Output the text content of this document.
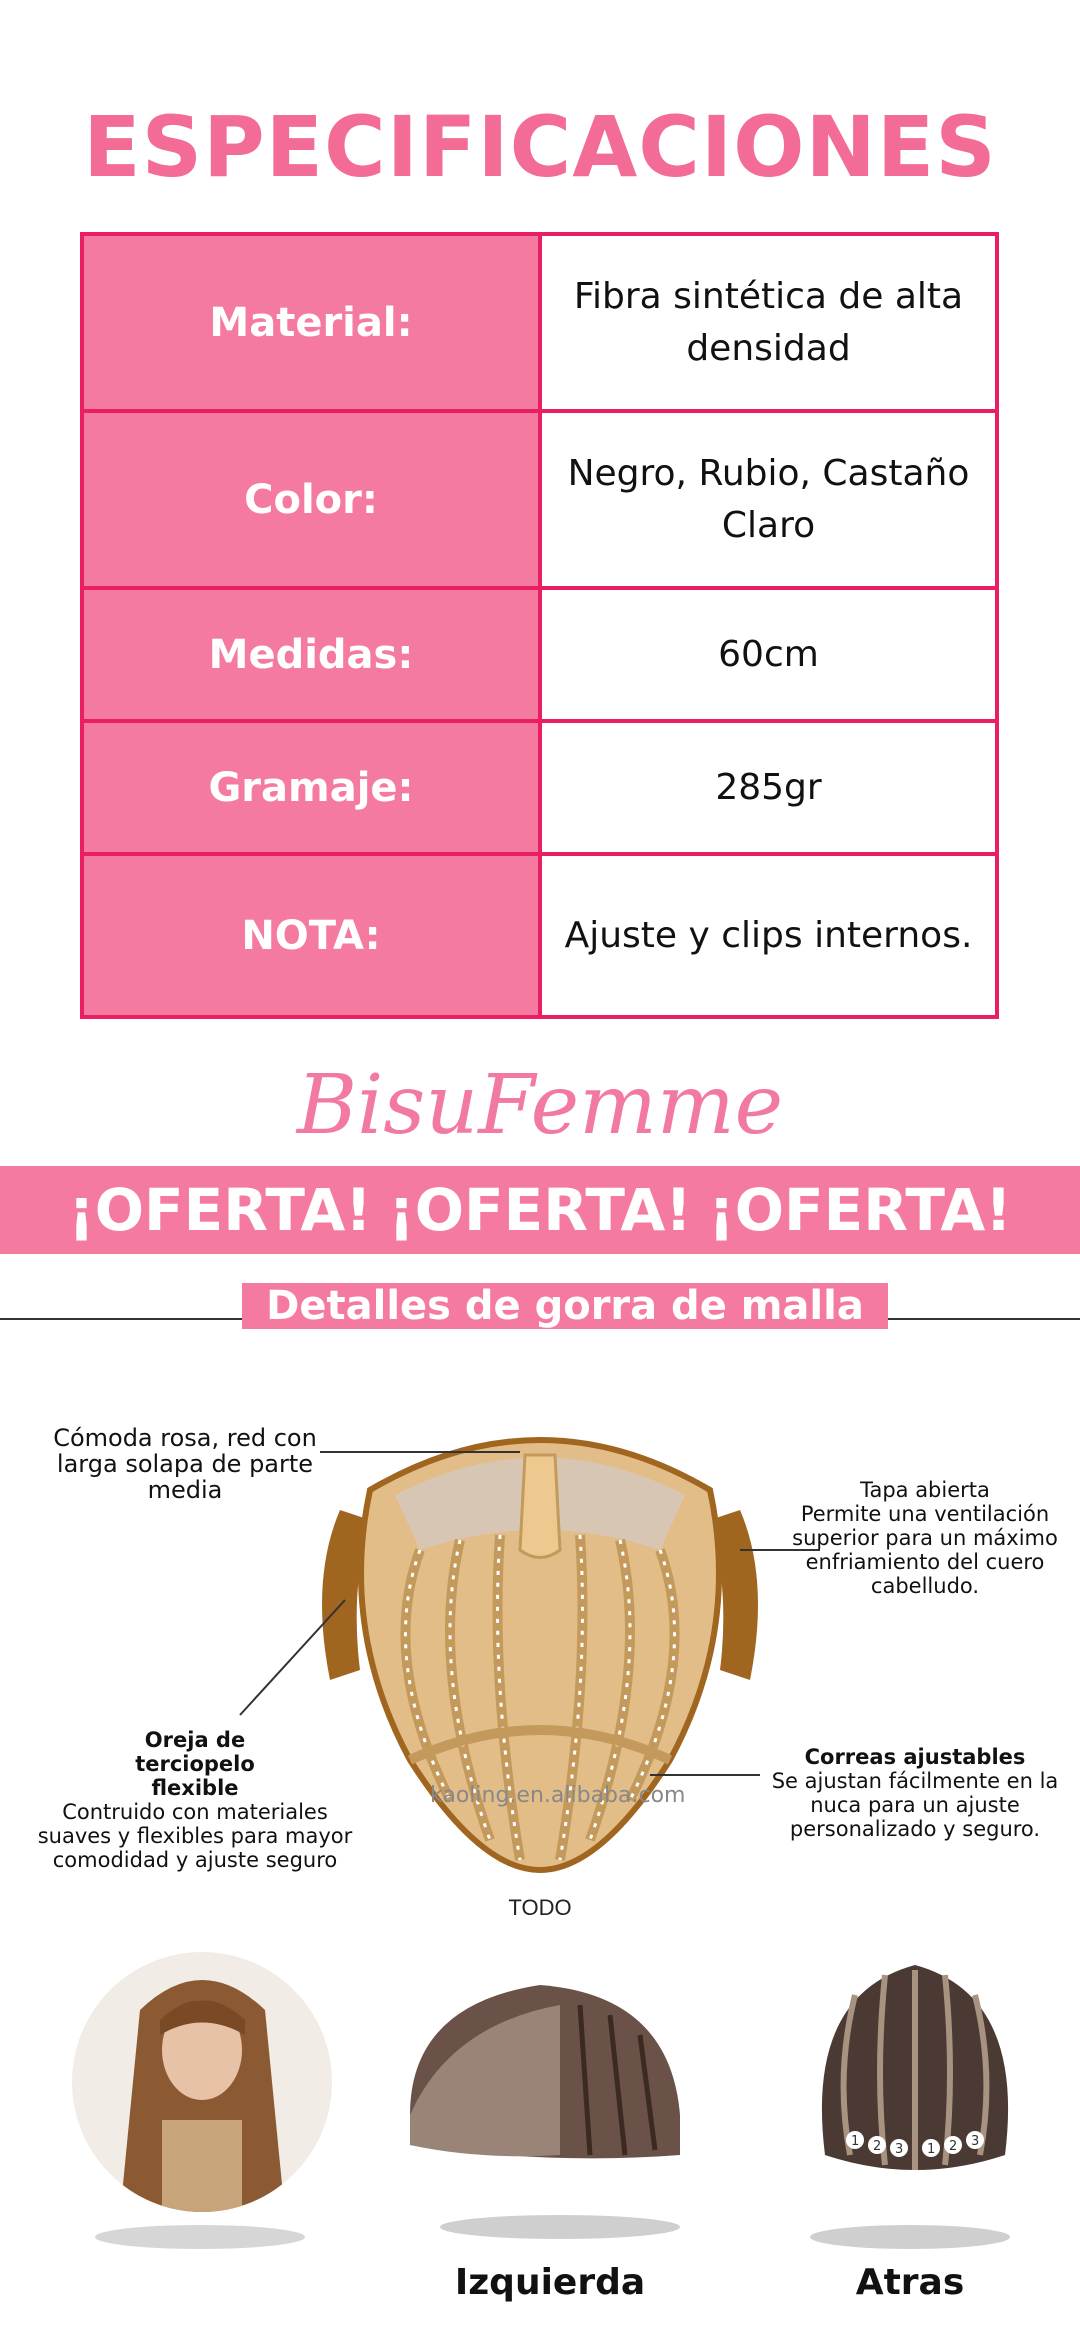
ESPECIFICACIONES
Material:
Fibra sintética de alta densidad
Color:
Negro, Rubio, Castaño Claro
Medidas:	60cm
Gramaje:	285gr
NOTA:	Ajuste y clips internos.
BisuFemme
¡OFERTA! ¡OFERTA! ¡OFERTA!
Detalles de gorra de malla
kaoling.en.alibaba.com
Cómoda rosa, red con larga solapa de parte media	Tapa abierta
Permite una ventilación superior para un máximo enfriamiento del cuero cabelludo.
Oreja de terciopelo flexible
Contruido con materiales suaves y flexibles para mayor comodidad y ajuste seguro
Correas ajustables
Se ajustan fácilmente en la nuca para un ajuste personalizado y seguro.
TODO
1 2 3 1 2 3
Izquierda	Atras
